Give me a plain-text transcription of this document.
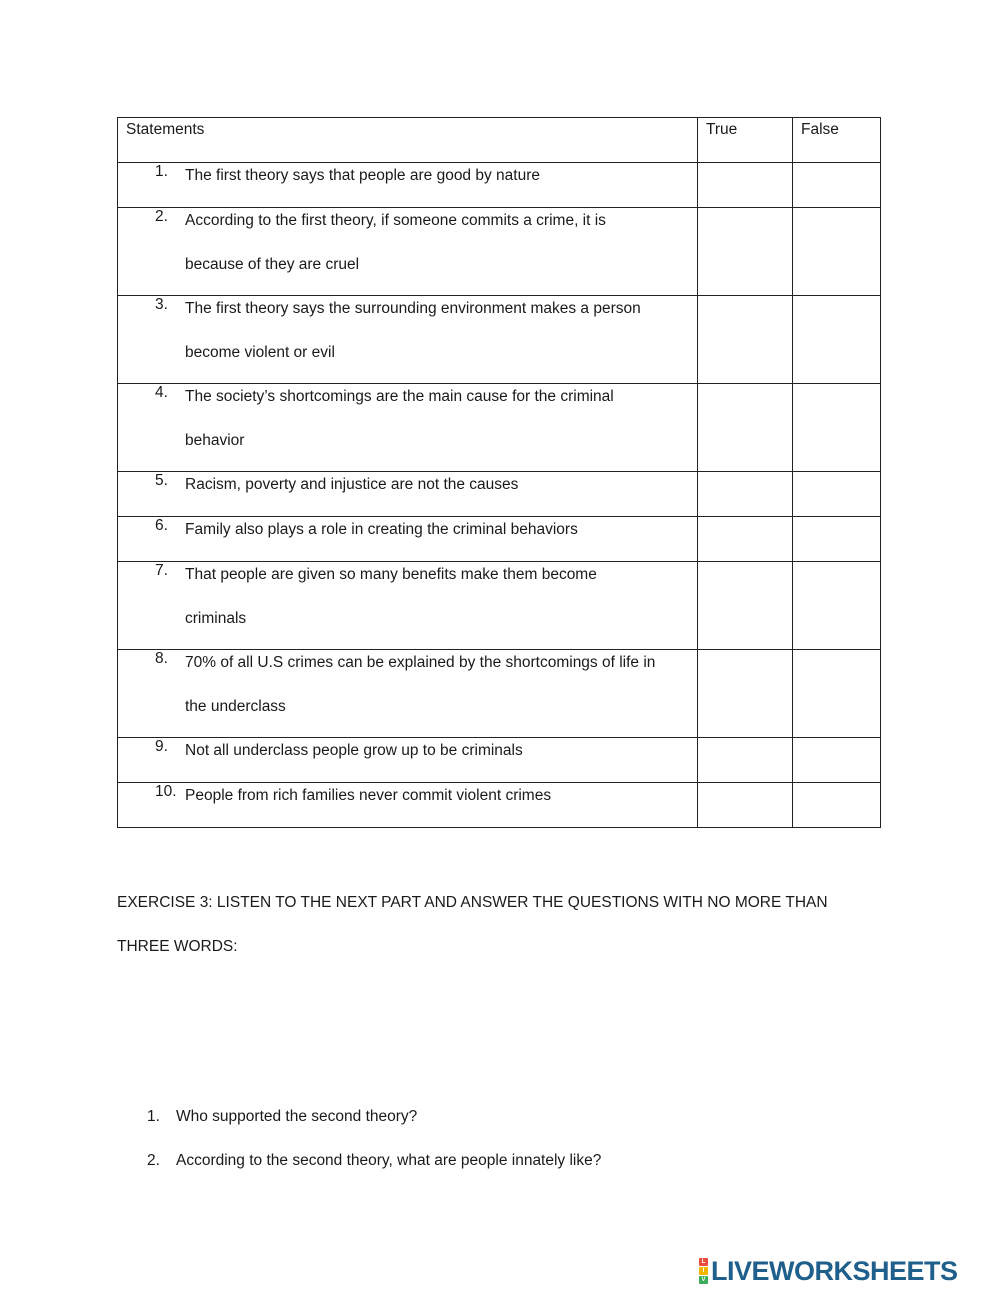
Statements	True	False

1. The first theory says that people are good by nature		

2. According to the first theory, if someone commits a crime, it is
because of they are cruel		

3. The first theory says the surrounding environment makes a person
become violent or evil		

4. The society’s shortcomings are the main cause for the criminal
behavior		

5. Racism, poverty and injustice are not the causes		

6. Family also plays a role in creating the criminal behaviors		

7. That people are given so many benefits make them become
criminals		

8. 70% of all U.S crimes can be explained by the shortcomings of life in
the underclass		

9. Not all underclass people grow up to be criminals		

10. People from rich families never commit violent crimes		

EXERCISE 3: LISTEN TO THE NEXT PART AND ANSWER THE QUESTIONS WITH NO MORE THAN THREE WORDS:
1. Who supported the second theory?
2. According to the second theory, what are people innately like?
L
I
V LIVEWORKSHEETS
